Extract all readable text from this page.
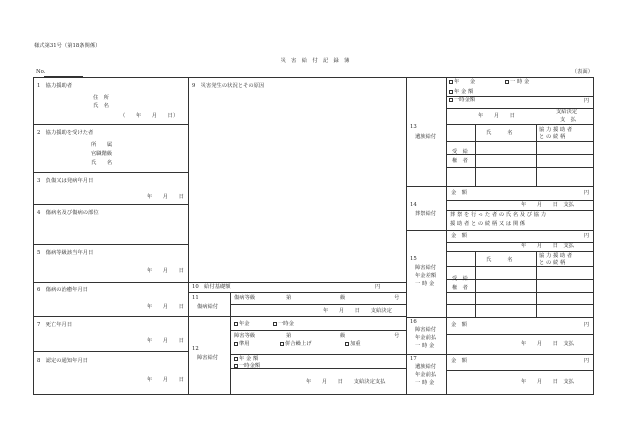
様式第31号（第18条関係）
災　害　給　付　記　録　簿
No.	（表面）
1　協力援助者
住　所
氏　名
（　　年　　月　　日）
2　協力援助を受けた者
所　　属
官職階級
氏　　名
3　負傷又は発病年月日
年　　月　　日
4　傷病名及び傷病の部位
5　傷病等級該当年月日
年　　月　　日
6　傷病の治癒年月日
年　　月　　日
7　死亡年月日
年　　月　　日
8　認定の通知年月日
年　　月　　日
9　災害発生の状況とその原因
10　給付基礎額	円
11
傷病給付
傷病等級	第	級	号
年　　月　　日　　支給決定
12
障害給付
年金	一時金
障害等級	第	級	号
準用	併合繰上げ	加重
年 金 額
一時金額
年　　月　　日　　支給決定支払
13
遺族給付
年　　金	一 時 金
年 金 額
一時金額	円
年　　月　　日
支給決定
支　払
氏　　　名	協 力 援 助 者
と の 続 柄
受　給
権　者
14
葬祭給付
金　額	円
年　　月　　日　支払
葬 祭 を 行 っ た 者 の 氏 名 及 び 協 力
援 助 者 と の 続 柄 又 は 関 係
15
障害給付
年金差額
一 時 金
金　額	円
年　　月　　日　支払
氏　　　名
協 力 援 助 者
と の 続 柄
受　給
権　者
16
障害給付
年金前払
一 時 金
金　額	円
年　　月　　日　支払
17
遺族給付
年金前払
一 時 金
金　額	円
年　　月　　日　支払
